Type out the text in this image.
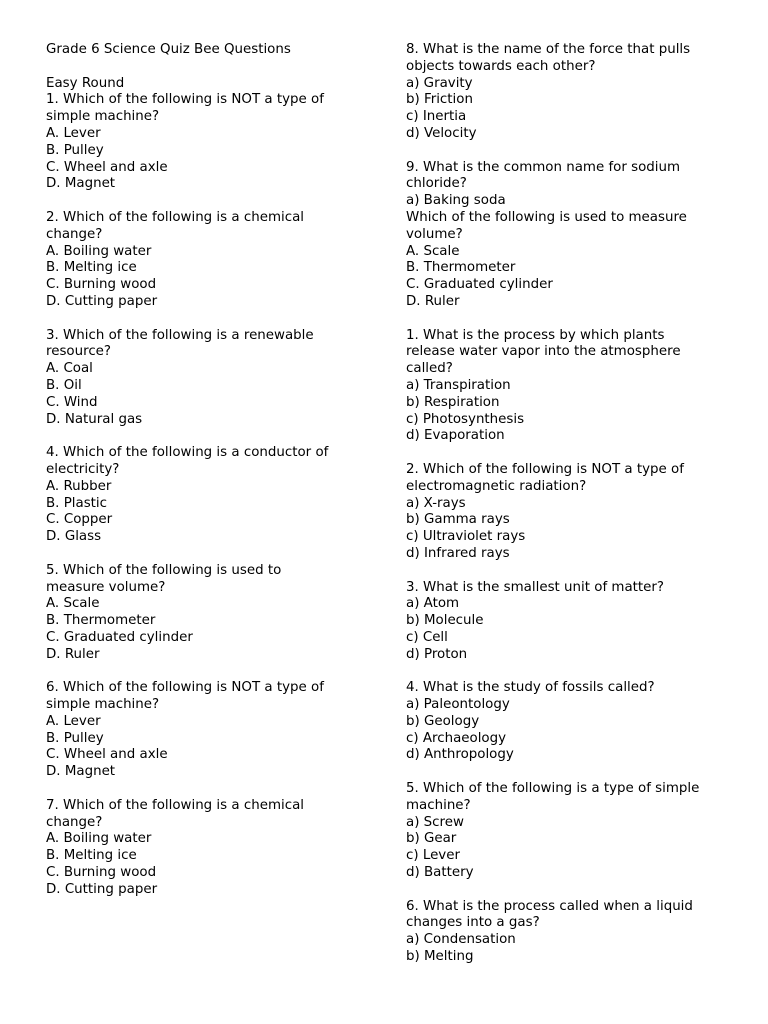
Grade 6 Science Quiz Bee Questions
Easy Round
1. Which of the following is NOT a type of
simple machine?
A. Lever
B. Pulley
C. Wheel and axle
D. Magnet
2. Which of the following is a chemical
change?
A. Boiling water
B. Melting ice
C. Burning wood
D. Cutting paper
3. Which of the following is a renewable
resource?
A. Coal
B. Oil
C. Wind
D. Natural gas
4. Which of the following is a conductor of
electricity?
A. Rubber
B. Plastic
C. Copper
D. Glass
5. Which of the following is used to
measure volume?
A. Scale
B. Thermometer
C. Graduated cylinder
D. Ruler
6. Which of the following is NOT a type of
simple machine?
A. Lever
B. Pulley
C. Wheel and axle
D. Magnet
7. Which of the following is a chemical
change?
A. Boiling water
B. Melting ice
C. Burning wood
D. Cutting paper
8. What is the name of the force that pulls
objects towards each other?
a) Gravity
b) Friction
c) Inertia
d) Velocity
9. What is the common name for sodium
chloride?
a) Baking soda
Which of the following is used to measure
volume?
A. Scale
B. Thermometer
C. Graduated cylinder
D. Ruler
1. What is the process by which plants
release water vapor into the atmosphere
called?
a) Transpiration
b) Respiration
c) Photosynthesis
d) Evaporation
2. Which of the following is NOT a type of
electromagnetic radiation?
a) X-rays
b) Gamma rays
c) Ultraviolet rays
d) Infrared rays
3. What is the smallest unit of matter?
a) Atom
b) Molecule
c) Cell
d) Proton
4. What is the study of fossils called?
a) Paleontology
b) Geology
c) Archaeology
d) Anthropology
5. Which of the following is a type of simple
machine?
a) Screw
b) Gear
c) Lever
d) Battery
6. What is the process called when a liquid
changes into a gas?
a) Condensation
b) Melting
